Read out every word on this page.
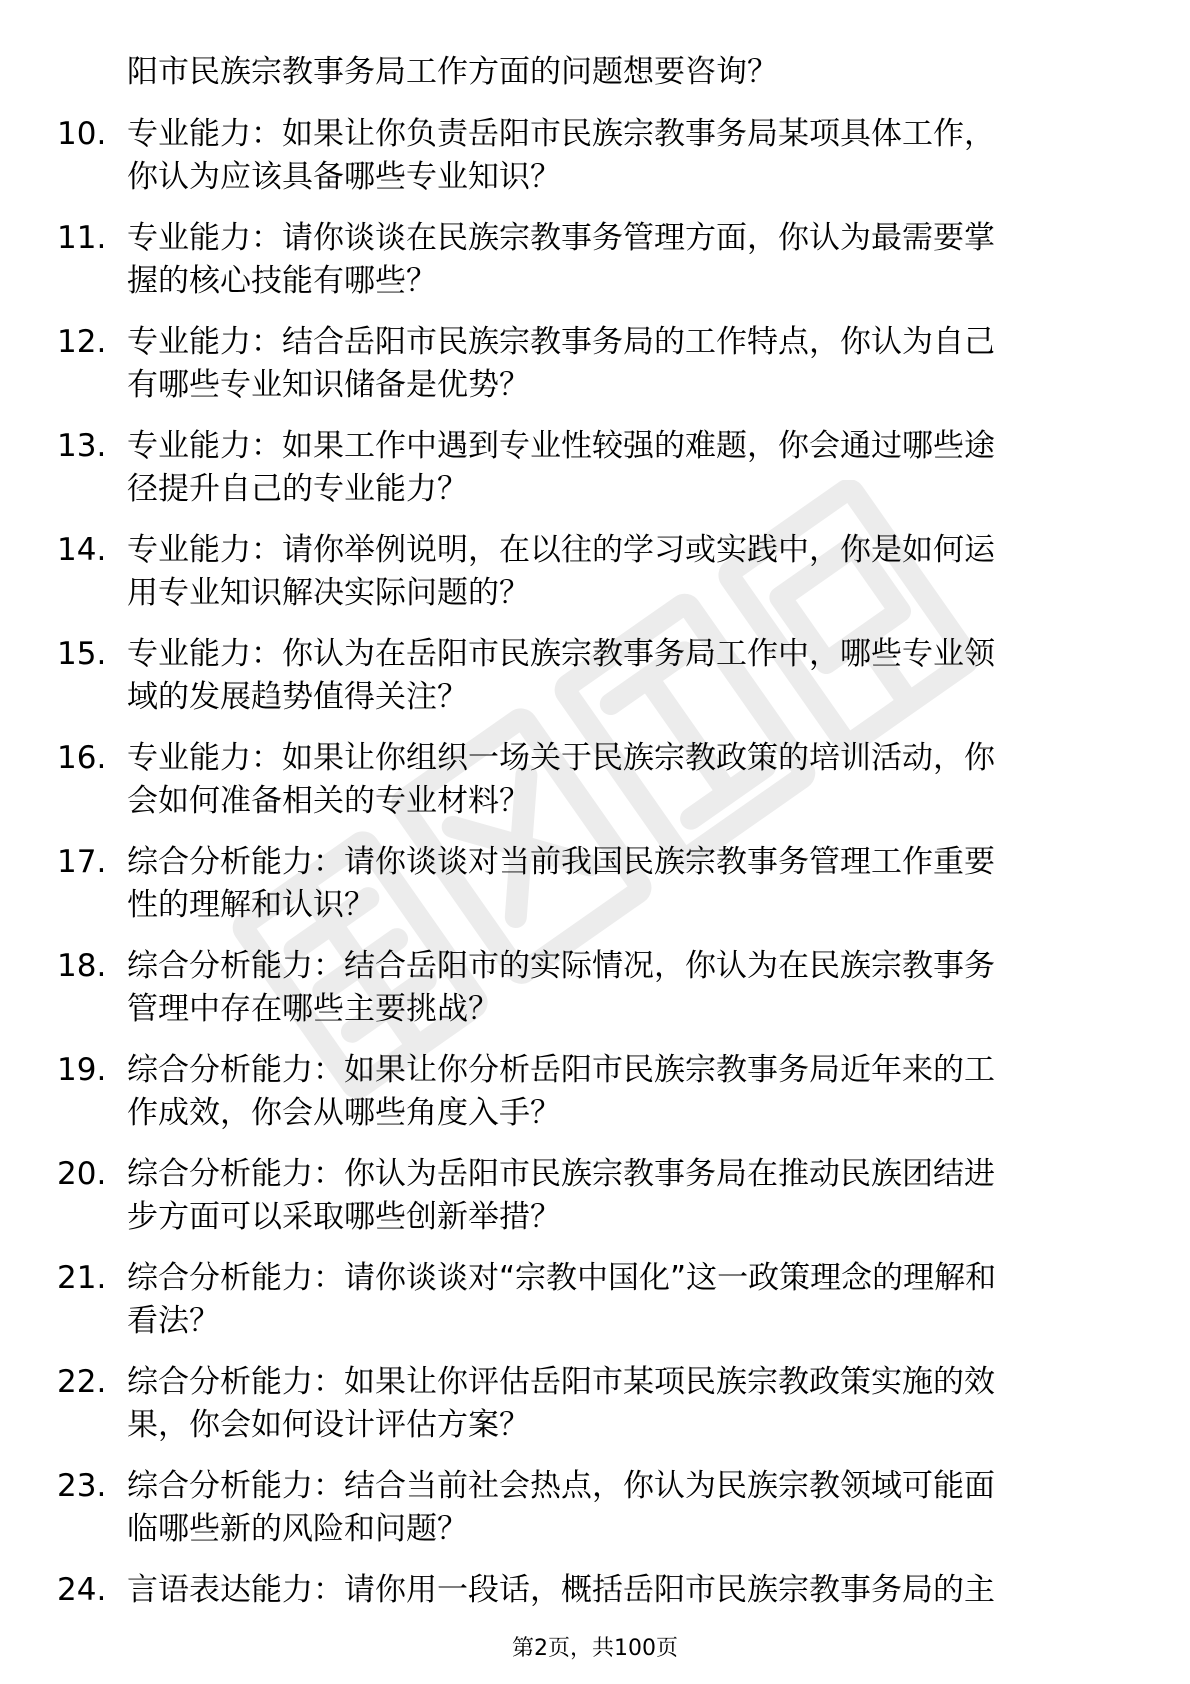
阳市民族宗教事务局工作方面的问题想要咨询？
10. 专业能力：如果让你负责岳阳市民族宗教事务局某项具体工作，
你认为应该具备哪些专业知识？
11. 专业能力：请你谈谈在民族宗教事务管理方面，你认为最需要掌
握的核心技能有哪些？
12. 专业能力：结合岳阳市民族宗教事务局的工作特点，你认为自己
有哪些专业知识储备是优势？
13. 专业能力：如果工作中遇到专业性较强的难题，你会通过哪些途
径提升自己的专业能力？
14. 专业能力：请你举例说明，在以往的学习或实践中，你是如何运
用专业知识解决实际问题的？
15. 专业能力：你认为在岳阳市民族宗教事务局工作中，哪些专业领
域的发展趋势值得关注？
16. 专业能力：如果让你组织一场关于民族宗教政策的培训活动，你
会如何准备相关的专业材料？
17. 综合分析能力：请你谈谈对当前我国民族宗教事务管理工作重要
性的理解和认识？
18. 综合分析能力：结合岳阳市的实际情况，你认为在民族宗教事务
管理中存在哪些主要挑战？
19. 综合分析能力：如果让你分析岳阳市民族宗教事务局近年来的工
作成效，你会从哪些角度入手？
20. 综合分析能力：你认为岳阳市民族宗教事务局在推动民族团结进
步方面可以采取哪些创新举措？
21. 综合分析能力：请你谈谈对“宗教中国化”这一政策理念的理解和
看法？
22. 综合分析能力：如果让你评估岳阳市某项民族宗教政策实施的效
果，你会如何设计评估方案？
23. 综合分析能力：结合当前社会热点，你认为民族宗教领域可能面
临哪些新的风险和问题？
24. 言语表达能力：请你用一段话，概括岳阳市民族宗教事务局的主
第2页，共100页
